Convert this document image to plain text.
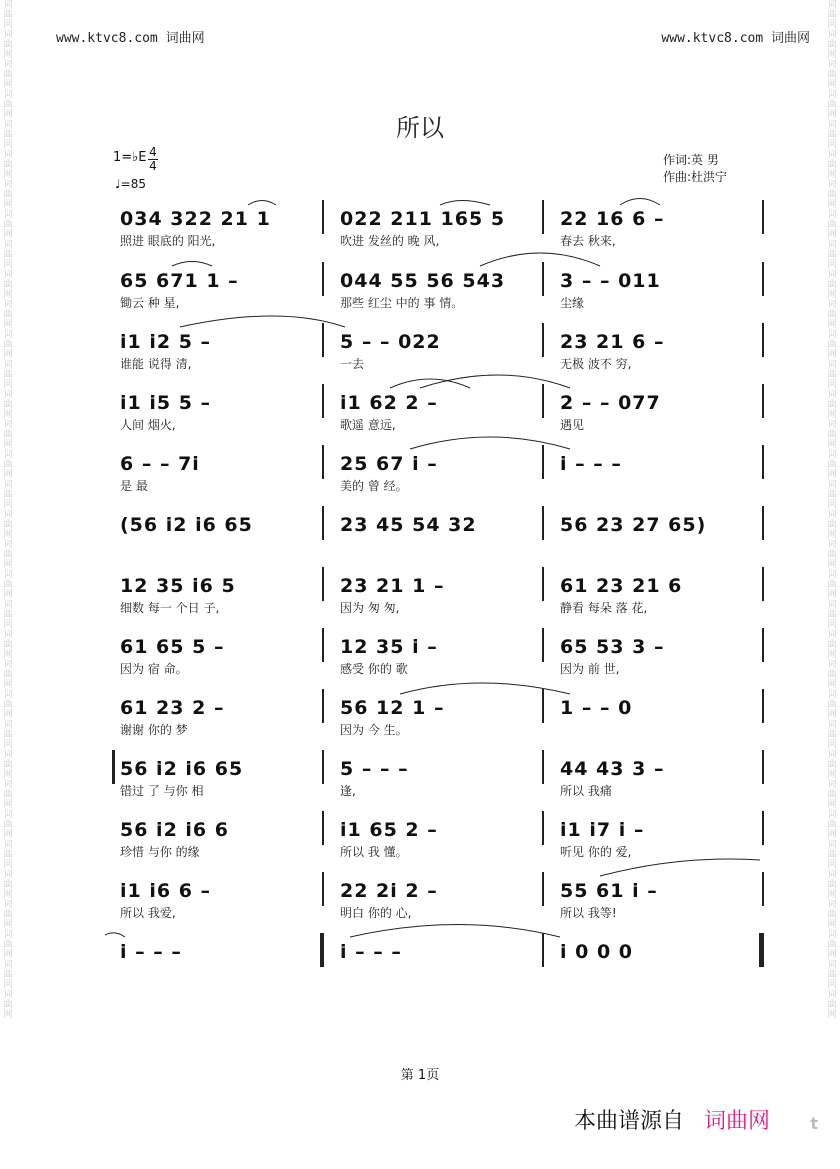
词曲网词曲网词曲网词曲网词曲网词曲网词曲网词曲网词曲网词曲网词曲网词曲网词曲网词曲网词曲网词曲网词曲网词曲网词曲网词曲网词曲网词曲网词曲网词曲网词曲网词曲网词曲网词曲网词曲网词曲网词曲网词曲网词曲网词曲网
词曲网词曲网词曲网词曲网词曲网词曲网词曲网词曲网词曲网词曲网词曲网词曲网词曲网词曲网词曲网词曲网词曲网词曲网词曲网词曲网词曲网词曲网词曲网词曲网词曲网词曲网词曲网词曲网词曲网词曲网词曲网词曲网词曲网词曲网
www.ktvc8.com 词曲网	www.ktvc8.com 词曲网
所以
1=♭E 4
4
♩=85
作词:英 男
作曲:杜洪宁
034 322 21 1
照进 眼底的 阳光,
022 211 165 5
吹进 发丝的 晚 风,
22 16 6 –
春去 秋来,
65 671 1 –
锄云 种 星,
044 55 56 543
那些 红尘 中的 事 情。
3 – – 011
尘缘
i1 i2 5 –
谁能 说得 清,
5 – – 022
一去
23 21 6 –
无极 波不 穷,
i1 i5 5 –
人间 烟火,
i1 62 2 –
歌遥 意远,
2 – – 077
遇见
6 – – 7i
是 最
25 67 i –
美的 曾 经。
i – – –
(56 i2 i6 65	23 45 54 32	56 23 27 65)
12 35 i6 5
细数 每一 个日 子,
23 21 1 –
因为 匆 匆,
61 23 21 6
静看 每朵 落 花,
61 65 5 –
因为 宿 命。
12 35 i –
感受 你的 歌
65 53 3 –
因为 前 世,
61 23 2 –
谢谢 你的 梦
56 12 1 –
因为 今 生。
1 – – 0
56 i2 i6 65
错过 了 与你 相
5 – – –
逢,
44 43 3 –
所以 我痛
56 i2 i6 6
珍惜 与你 的缘
i1 65 2 –
所以 我 懂。
i1 i7 i –
听见 你的 爱,
i1 i6 6 –
所以 我爱,
22 2i 2 –
明白 你的 心,
55 61 i –
所以 我等!
i – – –	i – – –	i 0 0 0
第 1页
本曲谱源自 词曲网	t
